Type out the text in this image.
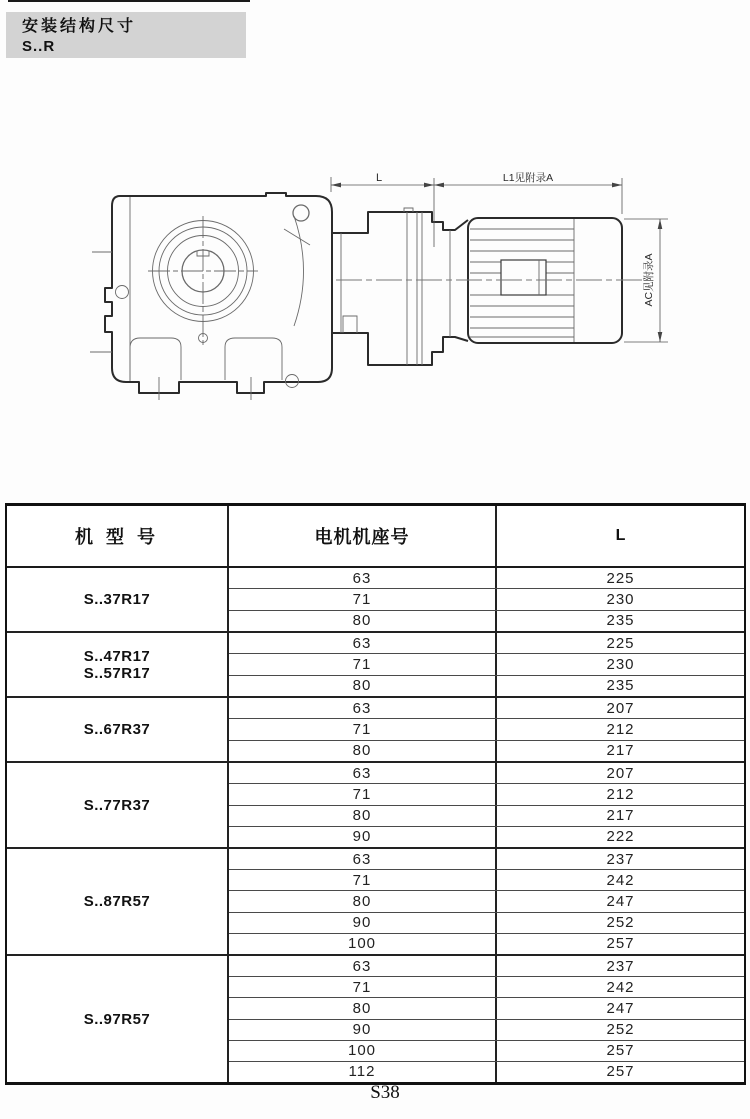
安装结构尺寸
S..R
L	L1见附录A
AC见附录A
机 型 号	电机机座号	L
S..37R17
63	225
71	230
80	235
S..47R17
S..57R17
63	225
71	230
80	235
S..67R37
63	207
71	212
80	217
S..77R37
63	207
71	212
80	217
90	222
S..87R57
63	237
71	242
80	247
90	252
100	257
S..97R57
63	237
71	242
80	247
90	252
100	257
112	257
S38
